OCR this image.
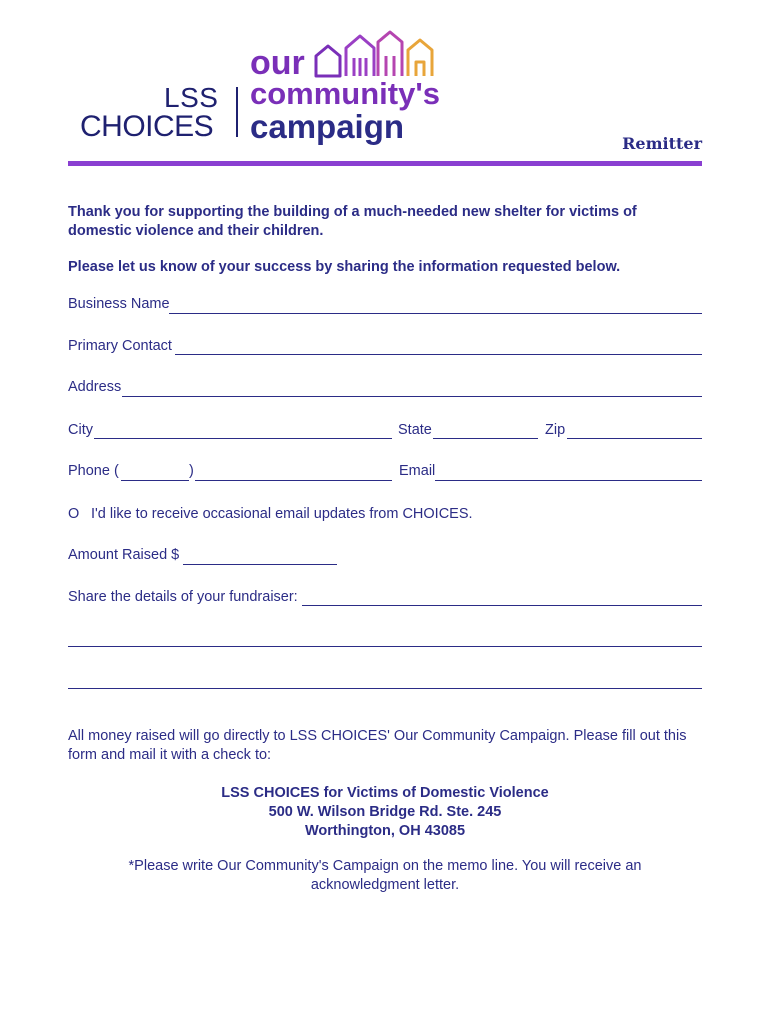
LSS
CHOICES
our
community's
campaign	Remitter
Thank you for supporting the building of a much-needed new shelter for victims of domestic violence and their children.
Please let us know of your success by sharing the information requested below.
Business Name
Primary Contact
Address
City	State	Zip
Phone (	)	Email
O I'd like to receive occasional email updates from CHOICES.
Amount Raised $
Share the details of your fundraiser:
All money raised will go directly to LSS CHOICES' Our Community Campaign. Please fill out this form and mail it with a check to:
LSS CHOICES for Victims of Domestic Violence
500 W. Wilson Bridge Rd. Ste. 245
Worthington, OH 43085
*Please write Our Community's Campaign on the memo line. You will receive an acknowledgment letter.
